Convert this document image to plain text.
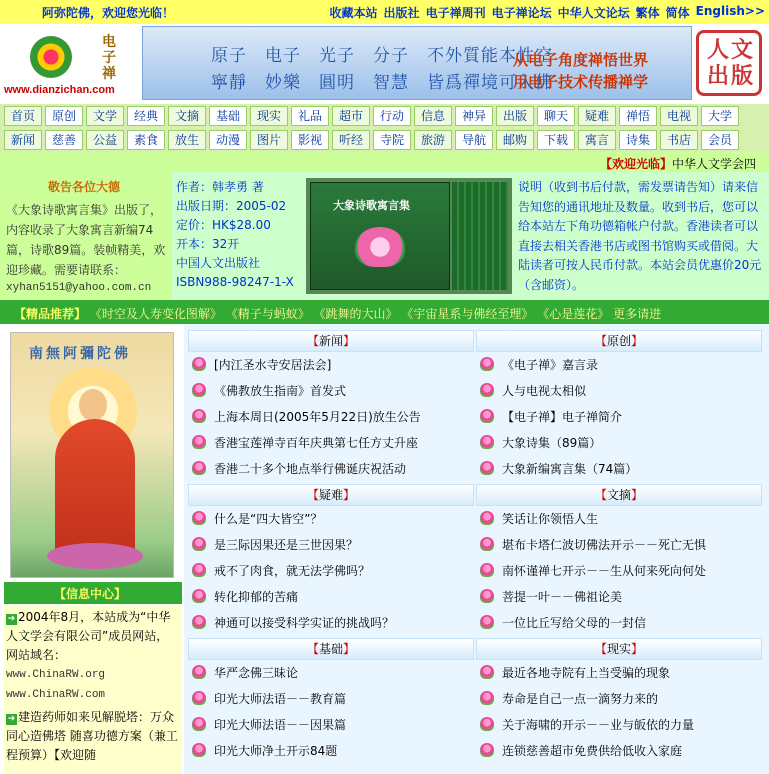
阿弥陀佛，欢迎您光临！	收藏本站 出版社 电子禅周刊 电子禅论坛 中华人文论坛 繁体 简体 English>>
电子禅
www.dianzichan.com
原子　电子　光子　分子　不外質能本性空
寧靜　妙樂　圓明　智慧　皆爲禪境可入佛
从电子角度禅悟世界
用电子技术传播禅学
人文出版
首页	原创	文学	经典	文摘	基础	现实	礼品	超市	行动	信息	神异	出版	聊天	疑难	禅悟	电视	大学
新闻	慈善	公益	素食	放生	动漫	图片	影视	听经	寺院	旅游	导航	邮购	下载	寓言	诗集	书店	会员
【欢迎光临】中华人文学会四
敬告各位大德
《大象诗歌寓言集》出版了，内容收录了大象寓言新编74篇，诗歌89篇。装帧精美，欢迎珍藏。需要请联系：
xyhan5151@yahoo.com.cn
作者：韩孝勇 著
出版日期：2005-02
定价：HK$28.00
开本：32开
中国人文出版社
ISBN988-98247-1-X
大象诗歌寓言集
说明（收到书后付款，需发票请告知）请来信告知您的通讯地址及数量。收到书后，您可以给本站左下角功德箱帐户付款。香港读者可以直接去相关香港书店或图书馆购买或借阅。大陆读者可按人民币付款。本站会员优惠价20元（含邮资）。
【精品推荐】 《时空及人寿变化图解》 《精子与蚂蚁》 《跳舞的大山》 《宇宙星系与佛经至理》 《心是莲花》 更多请进
南無阿彌陀佛
【信息中心】
➔ 2004年8月，本站成为“中华人文学会有限公司”成员网站，网站域名：
www.ChinaRW.org
www.ChinaRW.com
➔ 建造药师如来见解脱塔：万众同心造佛塔 随喜功德方案（兼工程预算）【欢迎随
【新闻】
[内江圣水寺安居法会]
《佛教放生指南》首发式
上海本周日(2005年5月22日)放生公告
香港宝莲禅寺百年庆典第七任方丈升座
香港二十多个地点举行佛诞庆祝活动
【原创】
《电子禅》嘉言录
人与电视太相似
【电子禅】电子禅简介
大象诗集（89篇）
大象新编寓言集（74篇）
【疑难】
什么是“四大皆空”？
是三际因果还是三世因果？
戒不了肉食，就无法学佛吗？
转化抑郁的苦痛
神通可以接受科学实证的挑战吗？
【文摘】
笑话让你领悟人生
堪布卡塔仁波切佛法开示－－死亡无惧
南怀谨禅七开示－－生从何来死向何处
菩提一叶－－佛祖论美
一位比丘写给父母的一封信
【基础】
华严念佛三昧论
印光大师法语－－教育篇
印光大师法语－－因果篇
印光大师净土开示84题
【现实】
最近各地寺院有上当受骗的现象
寿命是自己一点一滴努力来的
关于海啸的开示－－业与皈依的力量
连锁慈善超市免费供给低收入家庭
